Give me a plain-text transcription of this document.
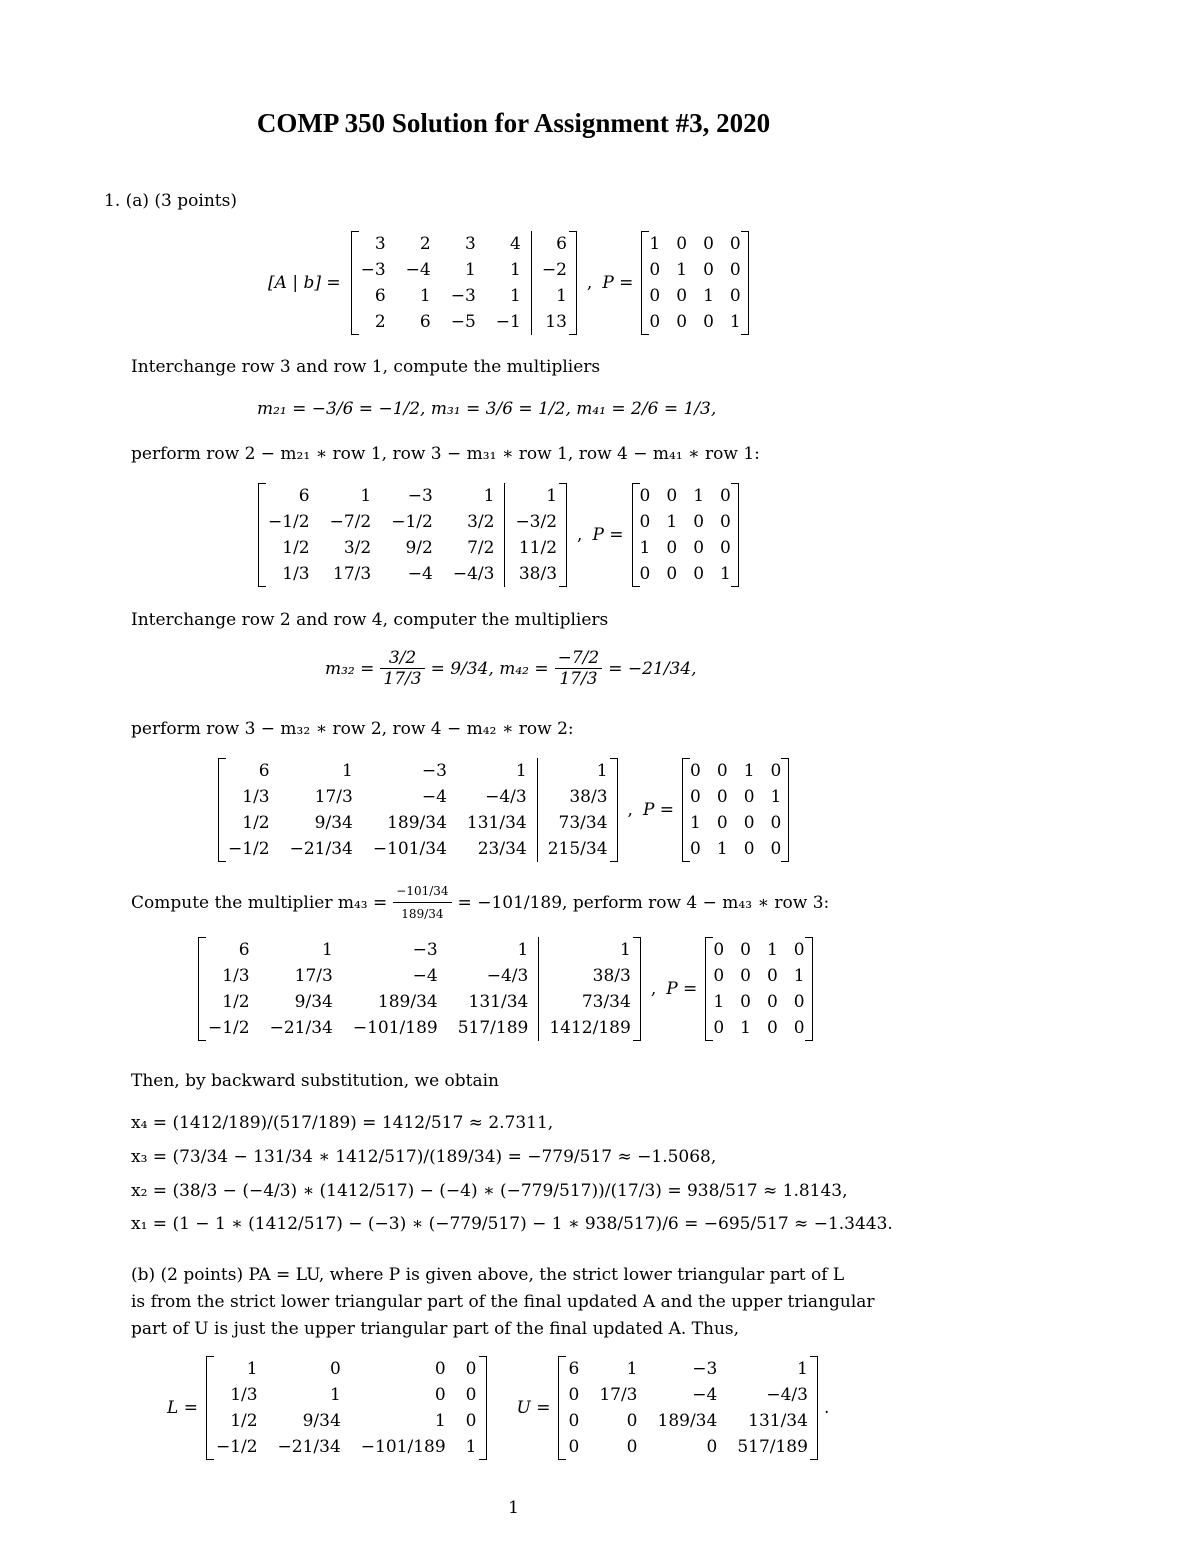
COMP 350 Solution for Assignment #3, 2020
1. (a) (3 points)
[A | b] =
3	2	3	4	6
−3	−4	1	1	−2
6	1	−3	1	1
2	6	−5	−1	13
, P =
1	0	0	0
0	1	0	0
0	0	1	0
0	0	0	1
Interchange row 3 and row 1, compute the multipliers
m₂₁ = −3/6 = −1/2, m₃₁ = 3/6 = 1/2, m₄₁ = 2/6 = 1/3,
perform row 2 − m₂₁ ∗ row 1, row 3 − m₃₁ ∗ row 1, row 4 − m₄₁ ∗ row 1:
6	1	−3	1	1
−1/2	−7/2	−1/2	3/2	−3/2
1/2	3/2	9/2	7/2	11/2
1/3	17/3	−4	−4/3	38/3
, P =
0	0	1	0
0	1	0	0
1	0	0	0
0	0	0	1
Interchange row 2 and row 4, computer the multipliers
$m_{32} = \frac{3/2}{17/3} = 9/34$, $m_{42} = \frac{-7/2}{17/3} = -21/34$,
perform row 3 − m₃₂ ∗ row 2, row 4 − m₄₂ ∗ row 2:
6	1	−3	1	1
1/3	17/3	−4	−4/3	38/3
1/2	9/34	189/34	131/34	73/34
−1/2	−21/34	−101/34	23/34	215/34
, P =
0	0	1	0
0	0	0	1
1	0	0	0
0	1	0	0
Compute the multiplier $m_{43} = \frac{-101/34}{189/34} = -101/189$, perform row 4 − m₄₃ ∗ row 3:
6	1	−3	1	1
1/3	17/3	−4	−4/3	38/3
1/2	9/34	189/34	131/34	73/34
−1/2	−21/34	−101/189	517/189	1412/189
, P =
0	0	1	0
0	0	0	1
1	0	0	0
0	1	0	0
Then, by backward substitution, we obtain
x₄ = (1412/189)/(517/189) = 1412/517 ≈ 2.7311,
x₃ = (73/34 − 131/34 ∗ 1412/517)/(189/34) = −779/517 ≈ −1.5068,
x₂ = (38/3 − (−4/3) ∗ (1412/517) − (−4) ∗ (−779/517))/(17/3) = 938/517 ≈ 1.8143,
x₁ = (1 − 1 ∗ (1412/517) − (−3) ∗ (−779/517) − 1 ∗ 938/517)/6 = −695/517 ≈ −1.3443.
(b) (2 points) PA = LU, where P is given above, the strict lower triangular part of L
is from the strict lower triangular part of the final updated A and the upper triangular
part of U is just the upper triangular part of the final updated A. Thus,
L =
1	0	0	0
1/3	1	0	0
1/2	9/34	1	0
−1/2	−21/34	−101/189	1
U =
6	1	−3	1
0	17/3	−4	−4/3
0	0	189/34	131/34
0	0	0	517/189
.
1
